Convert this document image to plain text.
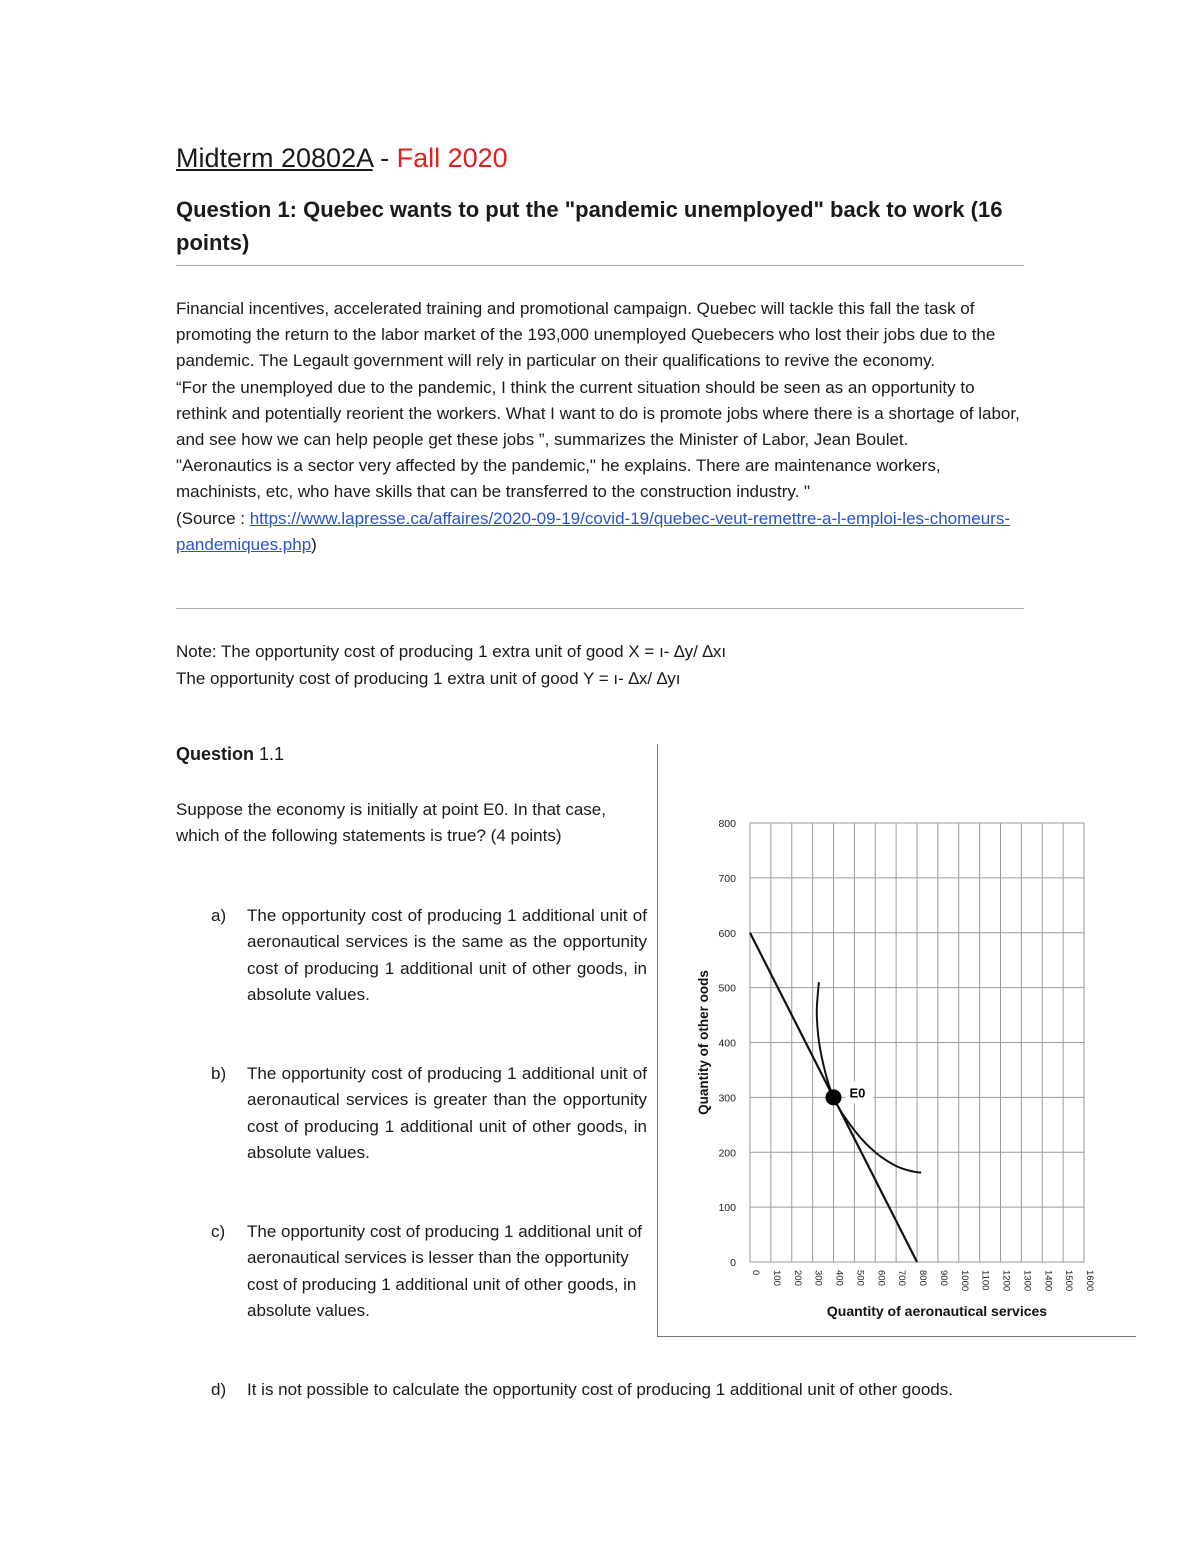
Midterm 20802A - Fall 2020
Question 1: Quebec wants to put the "pandemic unemployed" back to work (16 points)

Financial incentives, accelerated training and promotional campaign. Quebec will tackle this fall the task of promoting the return to the labor market of the 193,000 unemployed Quebecers who lost their jobs due to the pandemic. The Legault government will rely in particular on their qualifications to revive the economy.

“For the unemployed due to the pandemic, I think the current situation should be seen as an opportunity to rethink and potentially reorient the workers. What I want to do is promote jobs where there is a shortage of labor, and see how we can help people get these jobs ”, summarizes the Minister of Labor, Jean Boulet.

"Aeronautics is a sector very affected by the pandemic," he explains. There are maintenance workers, machinists, etc, who have skills that can be transferred to the construction industry. "

(Source : https://www.lapresse.ca/affaires/2020-09-19/covid-19/quebec-veut-remettre-a-l-emploi-les-chomeurs-pandemiques.php)

Note: The opportunity cost of producing 1 extra unit of good X = ı- ∆y/ ∆xı

The opportunity cost of producing 1 extra unit of good Y = ı- ∆x/ ∆yı

Question 1.1
Suppose the economy is initially at point E0. In that case, which of the following statements is true? (4 points)
a) The opportunity cost of producing 1 additional unit of aeronautical services is the same as the opportunity cost of producing 1 additional unit of other goods, in absolute values.
b) The opportunity cost of producing 1 additional unit of aeronautical services is greater than the opportunity cost of producing 1 additional unit of other goods, in absolute values.
c) The opportunity cost of producing 1 additional unit of aeronautical services is lesser than the opportunity cost of producing 1 additional unit of other goods, in absolute values.
d) It is not possible to calculate the opportunity cost of producing 1 additional unit of other goods.
0 100 200 300 400 500 600 700 800 900 1000 1100 1200 1300 1400 1500 1600
0
100
200
300
400
500
600
700
800
E0
Quantity of aeronautical services
Quantity of other oods
